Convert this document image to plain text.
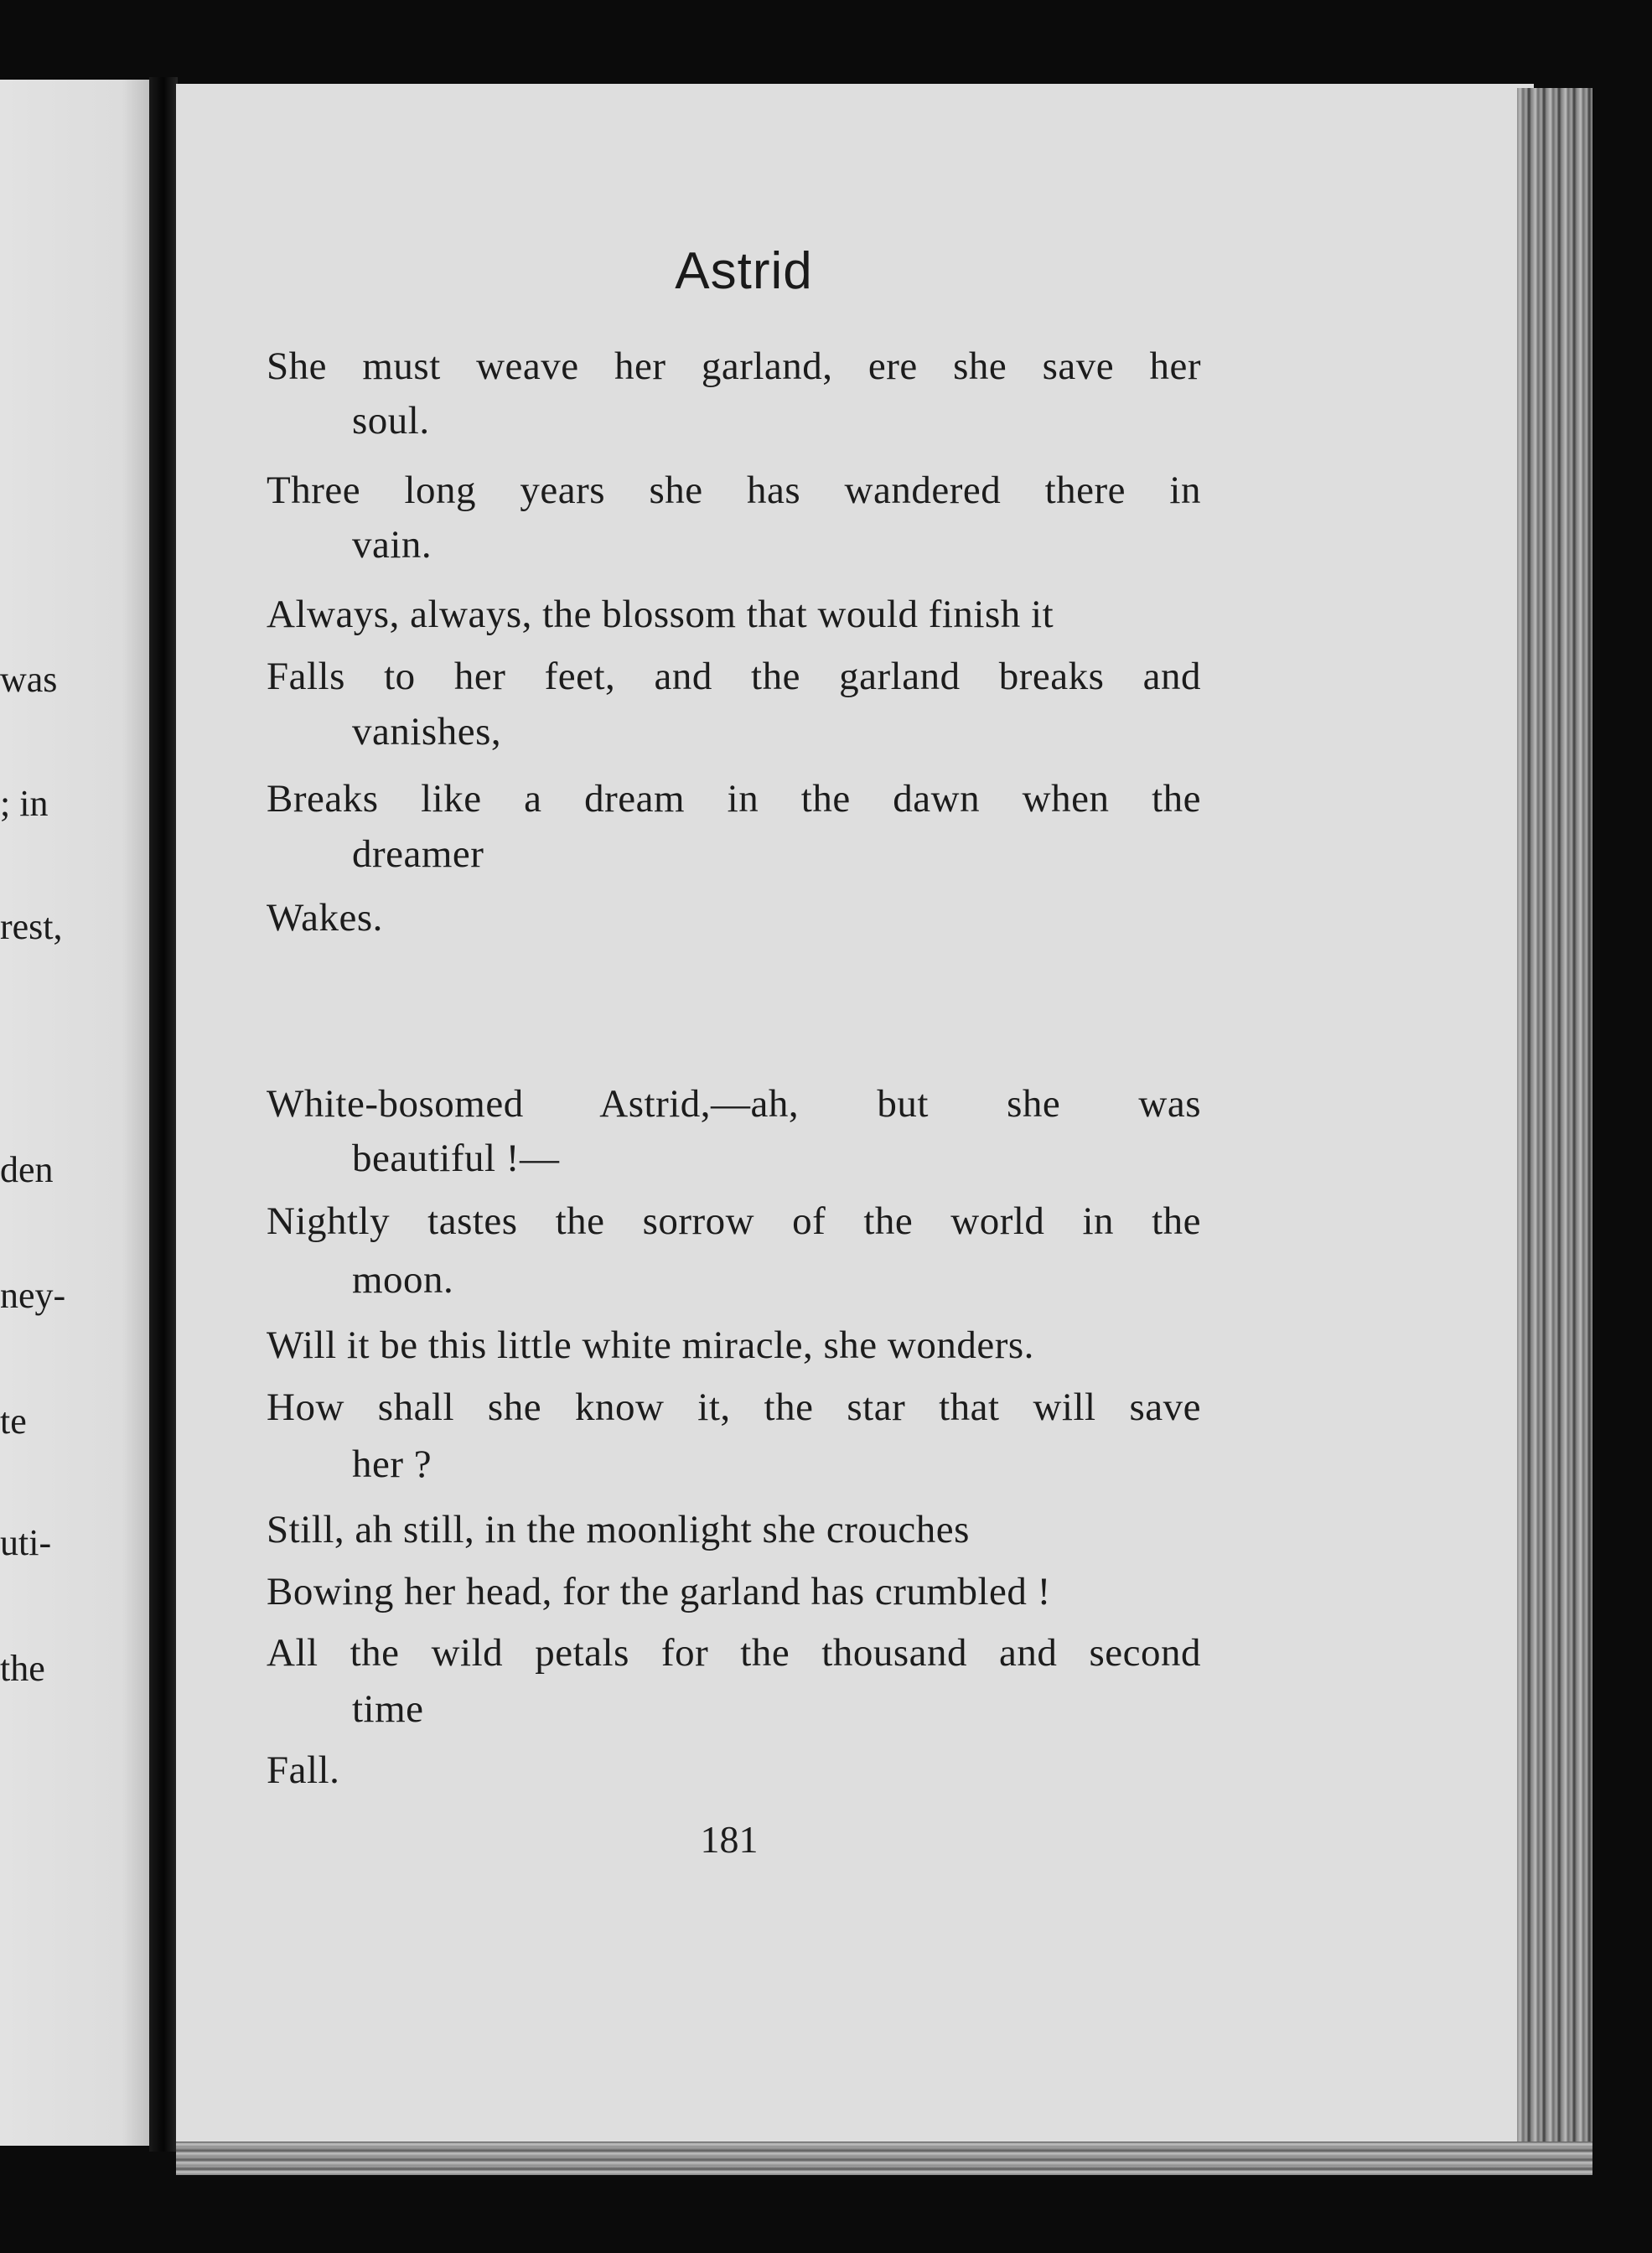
was
; in
rest,
den
ney-
te
uti-
the
Astrid
She must weave her garland, ere she save her
soul.
Three long years she has wandered there in
vain.
Always, always, the blossom that would finish it
Falls to her feet, and the garland breaks and
vanishes,
Breaks like a dream in the dawn when the
dreamer
Wakes.
White-bosomed Astrid,—ah, but she was
beautiful !—
Nightly tastes the sorrow of the world in the
moon.
Will it be this little white miracle, she wonders.
How shall she know it, the star that will save
her ?
Still, ah still, in the moonlight she crouches
Bowing her head, for the garland has crumbled !
All the wild petals for the thousand and second
time
Fall.
181
